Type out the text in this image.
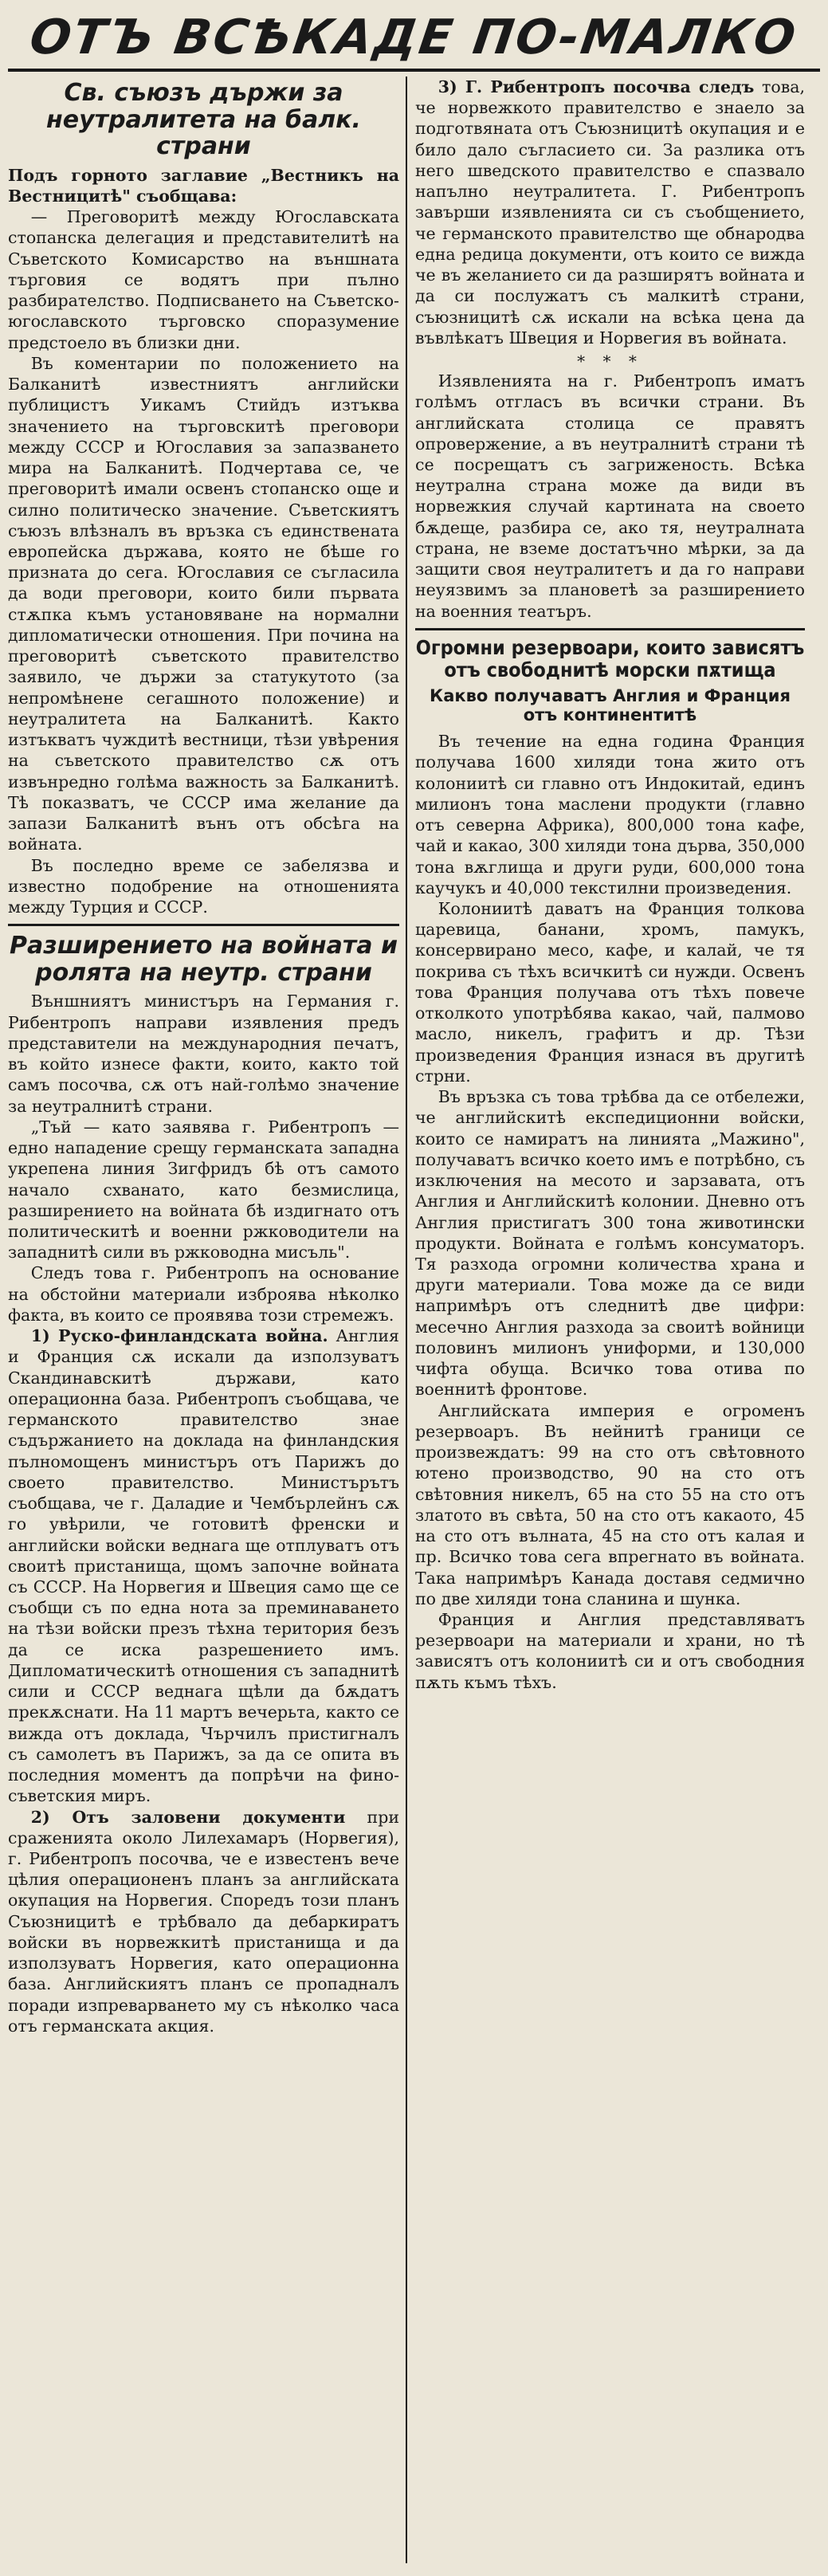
ОТЪ ВСѢКАДЕ ПО-МАЛКО
Св. съюзъ държи за неутралитета на балк. страни

Подъ горното заглавие „Вестникъ на Вестницитѣ" съобщава:

— Преговоритѣ между Югославската стопанска делегация и представителитѣ на Съветското Комисарство на външната търговия се водятъ при пълно разбирателство. Подписването на Съветско-югославското търговско споразумение предстоело въ близки дни.

Въ коментарии по положението на Балканитѣ известниятъ английски публицистъ Уикамъ Стийдъ изтъква значението на търговскитѣ преговори между СССР и Югославия за запазването мира на Балканитѣ. Подчертава се, че преговоритѣ имали освенъ стопанско още и силно политическо значение. Съветскиятъ съюзъ влѣзналъ въ връзка съ единствената европейска държава, която не бѣше го призната до сега. Югославия се съгласила да води преговори, които били първата стѫпка къмъ установяване на нормални дипломатически отношения. При почина на преговоритѣ съветското правителство заявило, че държи за статукутото (за непромѣнене сегашното положение) и неутралитета на Балканитѣ. Както изтъкватъ чуждитѣ вестници, тѣзи увѣрения на съветското правителство сѫ отъ извънредно голѣма важность за Балканитѣ. Тѣ показватъ, че СССР има желание да запази Балканитѣ вънъ отъ обсѣга на войната.

Въ последно време се забелязва и известно подобрение на отношенията между Турция и СССР.

Разширението на войната и ролята на неутр. страни

Външниятъ министъръ на Германия г. Рибентропъ направи изявления предъ представители на международния печатъ, въ който изнесе факти, които, както той самъ посочва, сѫ отъ най-голѣмо значение за неутралнитѣ страни.

„Тъй — като заявява г. Рибентропъ — едно нападение срещу германската западна укрепена линия Зигфридъ бѣ отъ самото начало схванато, като безмислица, разширението на войната бѣ издигнато отъ политическитѣ и военни ржководители на западнитѣ сили въ ржководна мисъль".

Следъ това г. Рибентропъ на основание на обстойни материали изброява нѣколко факта, въ които се проявява този стремежъ.

1) Руско-финландската война. Англия и Франция сѫ искали да използуватъ Скандинавскитѣ държави, като операционна база. Рибентропъ съобщава, че германското правителство знае съдържанието на доклада на финландския пълномощенъ министъръ отъ Парижъ до своето правителство. Министърътъ съобщава, че г. Даладие и Чембърлейнъ сѫ го увѣрили, че готовитѣ френски и английски войски веднага ще отплуватъ отъ своитѣ пристанища, щомъ започне войната съ СССР. На Норвегия и Швеция само ще се съобщи съ по една нота за преминаването на тѣзи войски презъ тѣхна територия безъ да се иска разрешението имъ. Дипломатическитѣ отношения съ западнитѣ сили и СССР веднага щѣли да бѫдатъ прекѫснати. На 11 мартъ вечерьта, както се вижда отъ доклада, Чърчилъ пристигналъ съ самолетъ въ Парижъ, за да се опита въ последния моментъ да попрѣчи на фино-съветския миръ.

2) Отъ заловени документи при сраженията около Лилехамаръ (Норвегия), г. Рибентропъ посочва, че е известенъ вече цѣлия операционенъ планъ за английската окупация на Норвегия. Споредъ този планъ Съюзницитѣ е трѣбвало да дебаркиратъ войски въ норвежкитѣ пристанища и да използуватъ Норвегия, като операционна база. Английскиятъ планъ се пропадналъ поради изпреварването му съ нѣколко часа отъ германската акция.

3) Г. Рибентропъ посочва следъ това, че норвежкото правителство е знаело за подготвяната отъ Съюзницитѣ окупация и е било дало съгласието си. За разлика отъ него шведското правителство е спазвало напълно неутралитета. Г. Рибентропъ завърши изявленията си съ съобщението, че германското правителство ще обнародва една редица документи, отъ които се вижда че въ желанието си да разширятъ войната и да си послужатъ съ малкитѣ страни, съюзницитѣ сѫ искали на всѣка цена да въвлѣкатъ Швеция и Норвегия въ войната.

* * *

Изявленията на г. Рибентропъ иматъ голѣмъ отгласъ въ всички страни. Въ английската столица се правятъ опровержение, а въ неутралнитѣ страни тѣ се посрещатъ съ загриженость. Всѣка неутрална страна може да види въ норвежкия случай картината на своето бѫдеще, разбира се, ако тя, неутралната страна, не вземе достатъчно мѣрки, за да защити своя неутралитетъ и да го направи неуязвимъ за плановетѣ за разширението на военния театъръ.

Огромни резервоари, които зависятъ отъ свободнитѣ морски пѫтища
Какво получаватъ Англия и Франция отъ континентитѣ

Въ течение на една година Франция получава 1600 хиляди тона жито отъ колониитѣ си главно отъ Индокитай, единъ милионъ тона маслени продукти (главно отъ северна Африка), 800,000 тона кафе, чай и какао, 300 хиляди тона дърва, 350,000 тона вѫглища и други руди, 600,000 тона каучукъ и 40,000 текстилни произведения.

Колониитѣ даватъ на Франция толкова царевица, банани, хромъ, памукъ, консервирано месо, кафе, и калай, че тя покрива съ тѣхъ всичкитѣ си нужди. Освенъ това Франция получава отъ тѣхъ повече отколкото употрѣбява какао, чай, палмово масло, никелъ, графитъ и др. Тѣзи произведения Франция изнася въ другитѣ стрни.

Въ връзка съ това трѣбва да се отбележи, че английскитѣ експедиционни войски, които се намиратъ на линията „Мажино", получаватъ всичко което имъ е потрѣбно, съ изключения на месото и зарзавата, отъ Англия и Английскитѣ колонии. Дневно отъ Англия пристигатъ 300 тона животински продукти. Войната е голѣмъ консуматоръ. Тя разхода огромни количества храна и други материали. Това може да се види напримѣръ отъ следнитѣ две цифри: месечно Англия разхода за своитѣ войници половинъ милионъ униформи, и 130,000 чифта обуща. Всичко това отива по военнитѣ фронтове.

Английската империя е огроменъ резервоаръ. Въ нейнитѣ граници се произвеждатъ: 99 на сто отъ свѣтовното ютено производство, 90 на сто отъ свѣтовния никелъ, 65 на сто 55 на сто отъ златото въ свѣта, 50 на сто отъ какаото, 45 на сто отъ вълната, 45 на сто отъ калая и пр. Всичко това сега впрегнато въ войната. Така напримѣръ Канада доставя седмично по две хиляди тона сланина и шунка.

Франция и Англия представляватъ резервоари на материали и храни, но тѣ зависятъ отъ колониитѣ си и отъ свободния пѫть къмъ тѣхъ.
